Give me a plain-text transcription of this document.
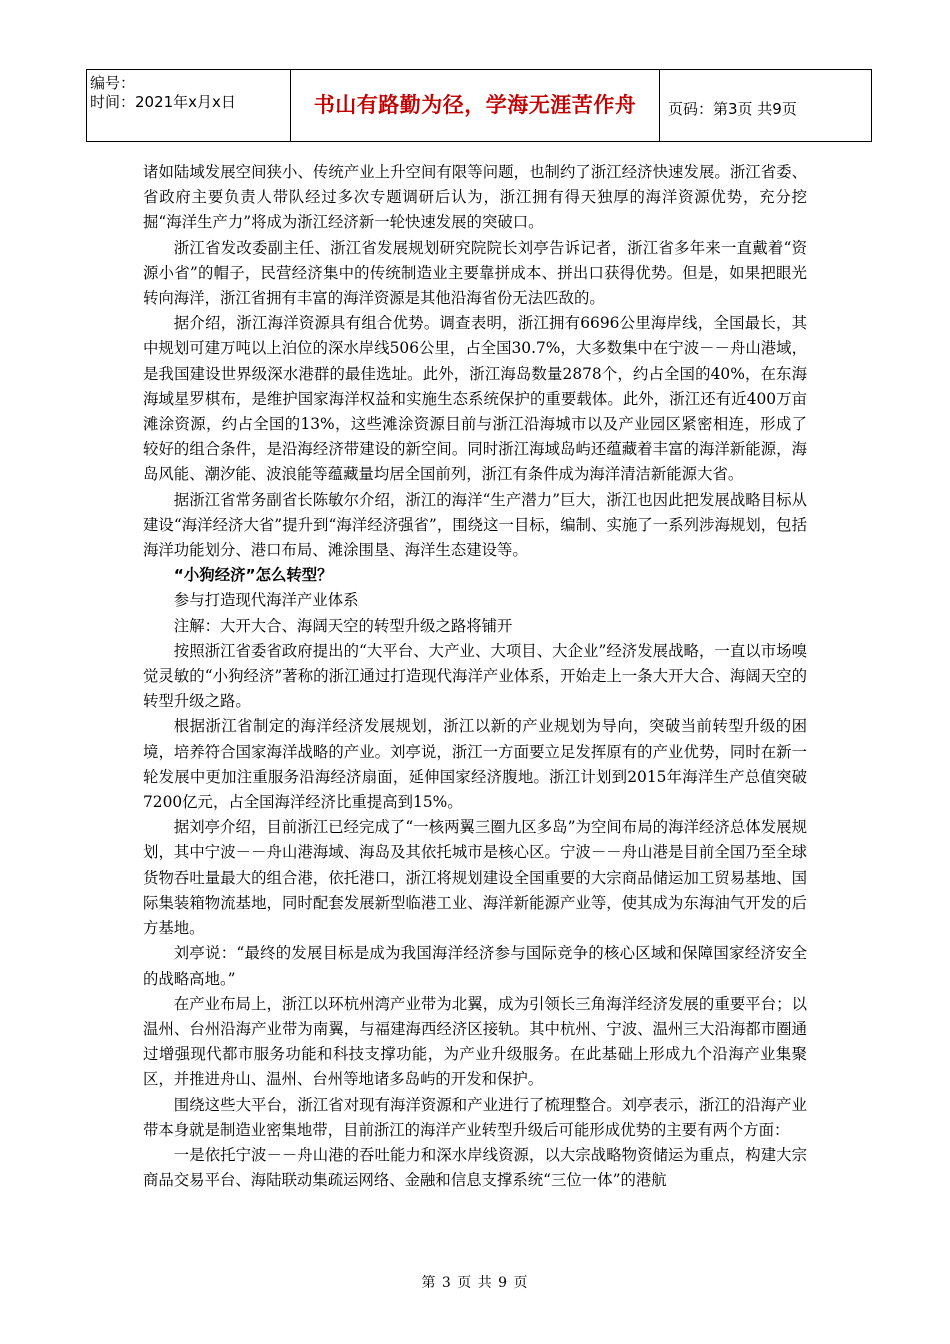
编号：
时间：2021年x月x日	书山有路勤为径，学海无涯苦作舟 页码：第3页 共9页

诸如陆域发展空间狭小、传统产业上升空间有限等问题，也制约了浙江经济快速发展。浙江省委、省政府主要负责人带队经过多次专题调研后认为，浙江拥有得天独厚的海洋资源优势，充分挖掘“海洋生产力”将成为浙江经济新一轮快速发展的突破口。

浙江省发改委副主任、浙江省发展规划研究院院长刘亭告诉记者，浙江省多年来一直戴着“资源小省”的帽子，民营经济集中的传统制造业主要靠拼成本、拼出口获得优势。但是，如果把眼光转向海洋，浙江省拥有丰富的海洋资源是其他沿海省份无法匹敌的。

据介绍，浙江海洋资源具有组合优势。调查表明，浙江拥有6696公里海岸线，全国最长，其中规划可建万吨以上泊位的深水岸线506公里，占全国30.7%，大多数集中在宁波－－舟山港域，是我国建设世界级深水港群的最佳选址。此外，浙江海岛数量2878个，约占全国的40%，在东海海域星罗棋布，是维护国家海洋权益和实施生态系统保护的重要载体。此外，浙江还有近400万亩滩涂资源，约占全国的13%，这些滩涂资源目前与浙江沿海城市以及产业园区紧密相连，形成了较好的组合条件，是沿海经济带建设的新空间。同时浙江海域岛屿还蕴藏着丰富的海洋新能源，海岛风能、潮汐能、波浪能等蕴藏量均居全国前列，浙江有条件成为海洋清洁新能源大省。

据浙江省常务副省长陈敏尔介绍，浙江的海洋“生产潜力”巨大，浙江也因此把发展战略目标从建设“海洋经济大省”提升到“海洋经济强省”，围绕这一目标，编制、实施了一系列涉海规划，包括海洋功能划分、港口布局、滩涂围垦、海洋生态建设等。

“小狗经济”怎么转型？

参与打造现代海洋产业体系

注解：大开大合、海阔天空的转型升级之路将铺开

按照浙江省委省政府提出的“大平台、大产业、大项目、大企业”经济发展战略，一直以市场嗅觉灵敏的“小狗经济”著称的浙江通过打造现代海洋产业体系，开始走上一条大开大合、海阔天空的转型升级之路。

根据浙江省制定的海洋经济发展规划，浙江以新的产业规划为导向，突破当前转型升级的困境，培养符合国家海洋战略的产业。刘亭说，浙江一方面要立足发挥原有的产业优势，同时在新一轮发展中更加注重服务沿海经济扇面，延伸国家经济腹地。浙江计划到2015年海洋生产总值突破7200亿元，占全国海洋经济比重提高到15%。

据刘亭介绍，目前浙江已经完成了“一核两翼三圈九区多岛”为空间布局的海洋经济总体发展规划，其中宁波－－舟山港海域、海岛及其依托城市是核心区。宁波－－舟山港是目前全国乃至全球货物吞吐量最大的组合港，依托港口，浙江将规划建设全国重要的大宗商品储运加工贸易基地、国际集装箱物流基地，同时配套发展新型临港工业、海洋新能源产业等，使其成为东海油气开发的后方基地。

刘亭说：“最终的发展目标是成为我国海洋经济参与国际竞争的核心区域和保障国家经济安全的战略高地。”

在产业布局上，浙江以环杭州湾产业带为北翼，成为引领长三角海洋经济发展的重要平台；以温州、台州沿海产业带为南翼，与福建海西经济区接轨。其中杭州、宁波、温州三大沿海都市圈通过增强现代都市服务功能和科技支撑功能，为产业升级服务。在此基础上形成九个沿海产业集聚区，并推进舟山、温州、台州等地诸多岛屿的开发和保护。

围绕这些大平台，浙江省对现有海洋资源和产业进行了梳理整合。刘亭表示，浙江的沿海产业带本身就是制造业密集地带，目前浙江的海洋产业转型升级后可能形成优势的主要有两个方面：

一是依托宁波－－舟山港的吞吐能力和深水岸线资源，以大宗战略物资储运为重点，构建大宗商品交易平台、海陆联动集疏运网络、金融和信息支撑系统“三位一体”的港航

第 3 页 共 9 页
